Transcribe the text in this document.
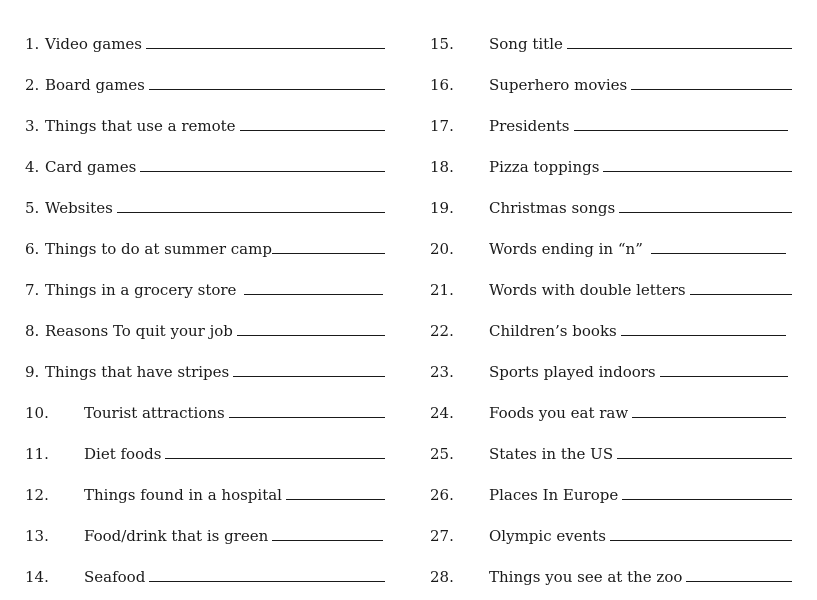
1. Video games
2. Board games
3. Things that use a remote
4. Card games
5. Websites
6. Things to do at summer camp
7. Things in a grocery store
8. Reasons To quit your job
9. Things that have stripes
10.	Tourist attractions
11.	Diet foods
12.	Things found in a hospital
13.	Food/drink that is green
14.	Seafood
15.	Song title
16.	Superhero movies
17.	Presidents
18.	Pizza toppings
19.	Christmas songs
20.	Words ending in “n”
21.	Words with double letters
22.	Children’s books
23.	Sports played indoors
24.	Foods you eat raw
25.	States in the US
26.	Places In Europe
27.	Olympic events
28.	Things you see at the zoo
